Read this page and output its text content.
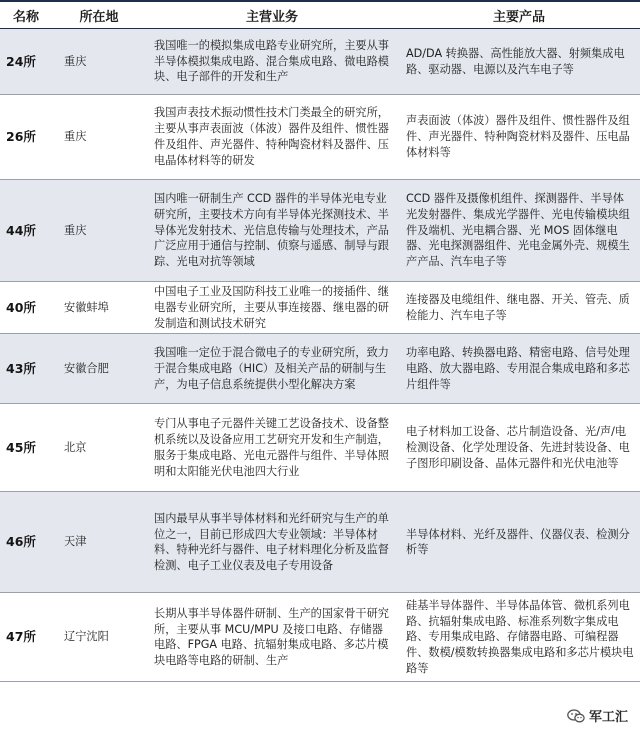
名称	所在地	主营业务	主要产品
24所	重庆	我国唯一的模拟集成电路专业研究所，主要从事半导体模拟集成电路、混合集成电路、微电路模块、电子部件的开发和生产	AD/DA 转换器、高性能放大器、射频集成电路、驱动器、电源以及汽车电子等
26所	重庆	我国声表技术振动惯性技术门类最全的研究所，主要从事声表面波（体波）器件及组件、惯性器件及组件、声光器件、特种陶瓷材料及器件、压电晶体材料等的研发	声表面波（体波）器件及组件、惯性器件及组件、声光器件、特种陶瓷材料及器件、压电晶体材料等
44所	重庆	国内唯一研制生产 CCD 器件的半导体光电专业研究所，主要技术方向有半导体光探测技术、半导体光发射技术、光信息传输与处理技术，产品广泛应用于通信与控制、侦察与遥感、制导与跟踪、光电对抗等领域	CCD 器件及摄像机组件、探测器件、半导体光发射器件、集成光学器件、光电传输模块组件及端机、光电耦合器、光 MOS 固体继电器、光电探测器组件、光电金属外壳、规模生产产品、汽车电子等
40所	安徽蚌埠	中国电子工业及国防科技工业唯一的接插件、继电器专业研究所，主要从事连接器、继电器的研发制造和测试技术研究	连接器及电缆组件、继电器、开关、管壳、质检能力、汽车电子等
43所	安徽合肥	我国唯一定位于混合微电子的专业研究所，致力于混合集成电路（HIC）及相关产品的研制与生产，为电子信息系统提供小型化解决方案	功率电路、转换器电路、精密电路、信号处理电路、放大器电路、专用混合集成电路和多芯片组件等
45所	北京	专门从事电子元器件关键工艺设备技术、设备整机系统以及设备应用工艺研究开发和生产制造，服务于集成电路、光电元器件与组件、半导体照明和太阳能光伏电池四大行业	电子材料加工设备、芯片制造设备、光/声/电检测设备、化学处理设备、先进封装设备、电子图形印刷设备、晶体元器件和光伏电池等
46所	天津	国内最早从事半导体材料和光纤研究与生产的单位之一，目前已形成四大专业领域：半导体材料、特种光纤与器件、电子材料理化分析及监督检测、电子工业仪表及电子专用设备	半导体材料、光纤及器件、仪器仪表、检测分析等
47所	辽宁沈阳	长期从事半导体器件研制、生产的国家骨干研究所，主要从事 MCU/MPU 及接口电路、存储器电路、FPGA 电路、抗辐射集成电路、多芯片模块电路等电路的研制、生产	硅基半导体器件、半导体晶体管、微机系列电路、抗辐射集成电路、标准系列数字集成电路、专用集成电路、存储器电路、可编程器件、数模/模数转换器集成电路和多芯片模块电路等
军工汇
